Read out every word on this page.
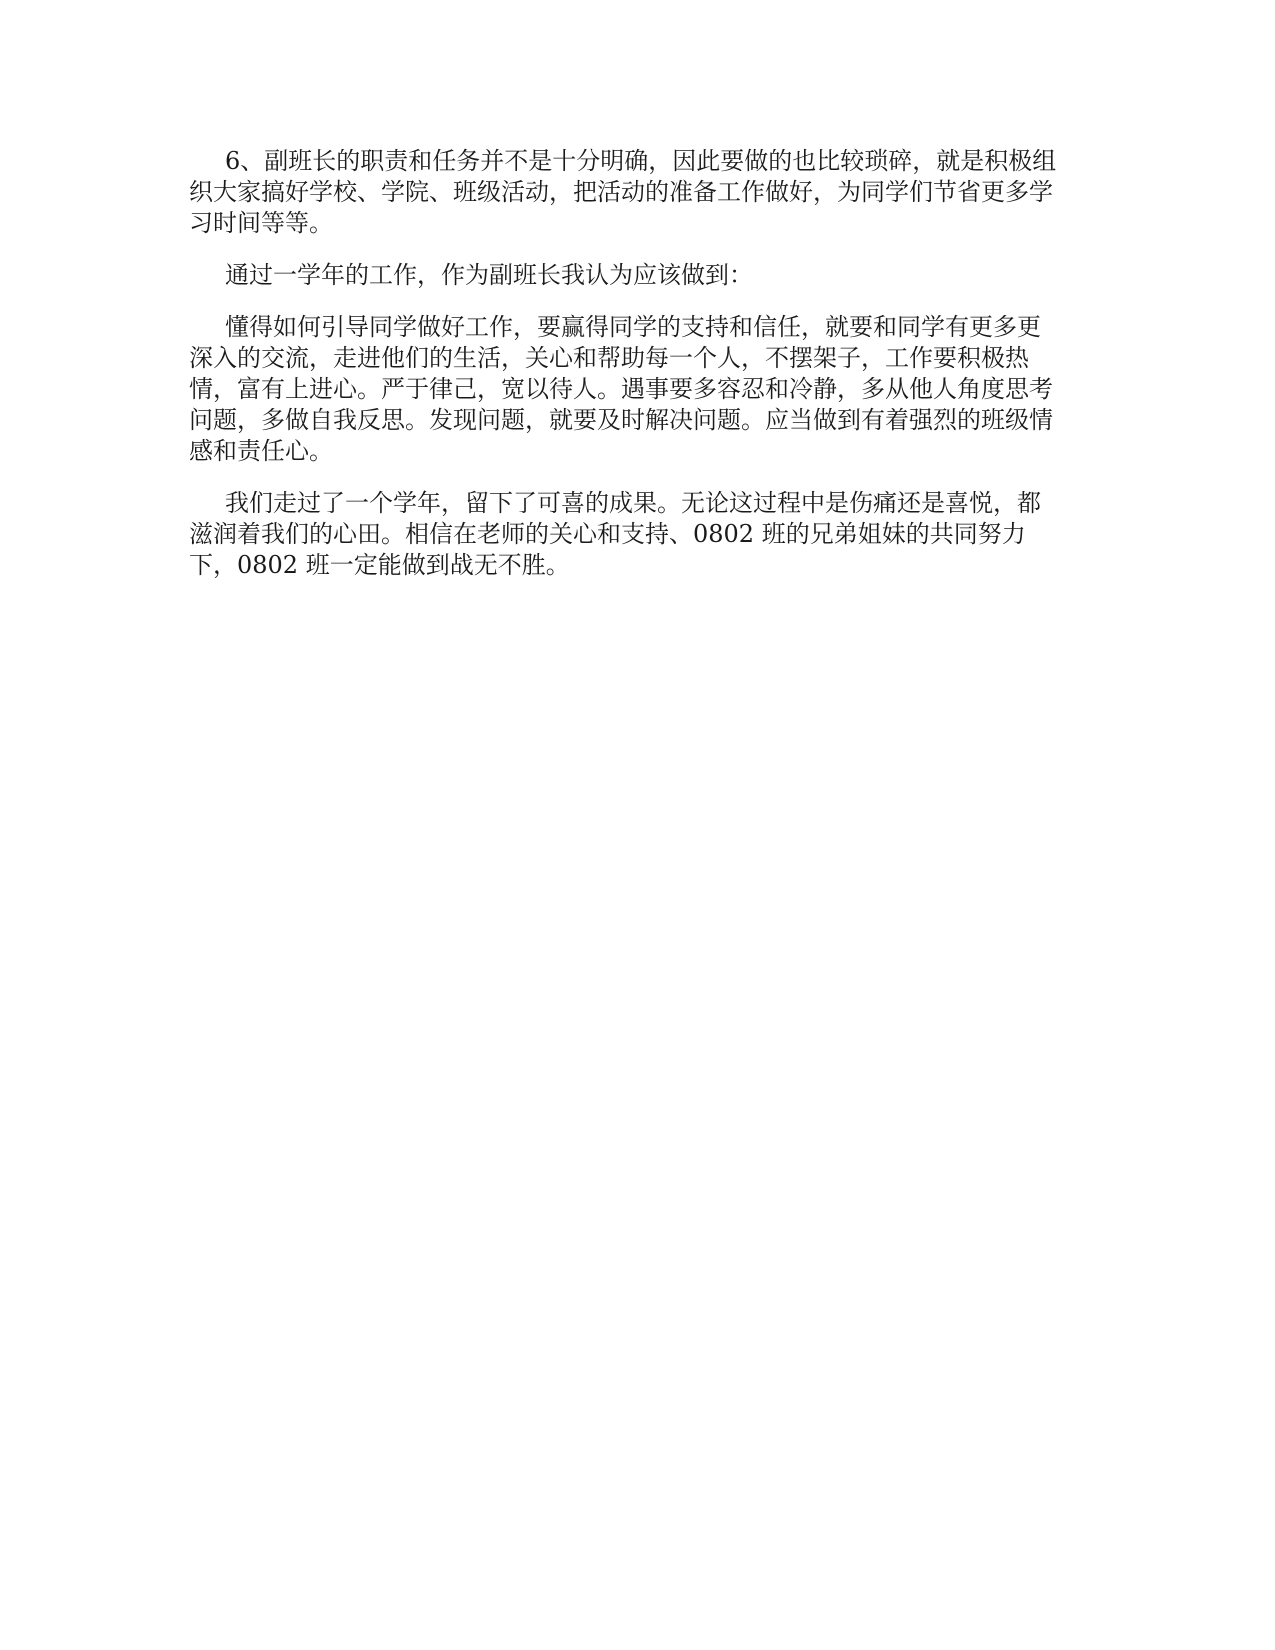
6、副班长的职责和任务并不是十分明确，因此要做的也比较琐碎，就是积极组
织大家搞好学校、学院、班级活动，把活动的准备工作做好，为同学们节省更多学
习时间等等。
通过一学年的工作，作为副班长我认为应该做到：
懂得如何引导同学做好工作，要赢得同学的支持和信任，就要和同学有更多更
深入的交流，走进他们的生活，关心和帮助每一个人，不摆架子，工作要积极热
情，富有上进心。严于律己，宽以待人。遇事要多容忍和冷静，多从他人角度思考
问题，多做自我反思。发现问题，就要及时解决问题。应当做到有着强烈的班级情
感和责任心。
我们走过了一个学年，留下了可喜的成果。无论这过程中是伤痛还是喜悦，都
滋润着我们的心田。相信在老师的关心和支持、0802 班的兄弟姐妹的共同努力
下，0802 班一定能做到战无不胜。
